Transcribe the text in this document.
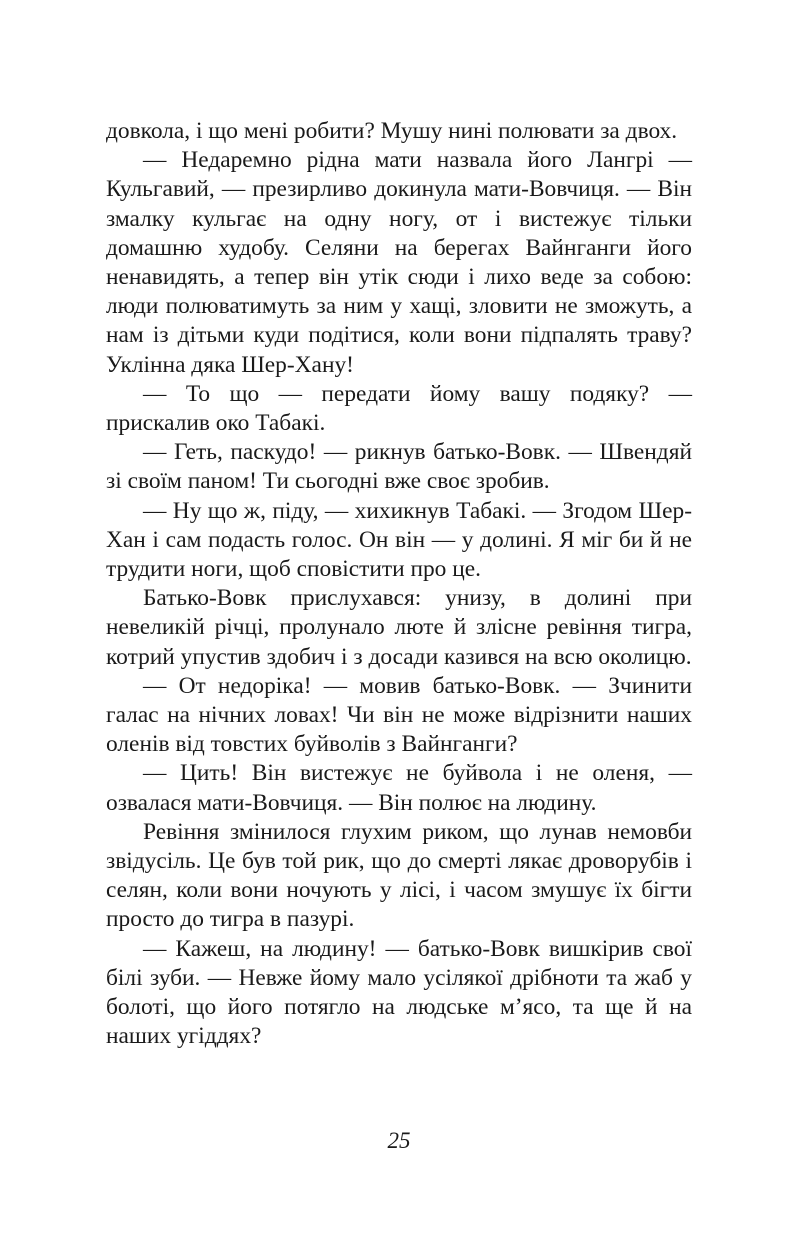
довкола, і що мені робити? Мушу нині полювати за двох.

— Недаремно рідна мати назвала його Лангрі — Кульгавий, — презирливо докинула мати-Вовчиця. — Він змалку кульгає на одну ногу, от і вистежує тільки домашню худобу. Селяни на берегах Вайнганги його ненавидять, а тепер він утік сюди і лихо веде за собою: люди полюватимуть за ним у хащі, зловити не зможуть, а нам із дітьми куди подітися, коли вони підпалять траву? Уклінна дяка Шер-Хану!

— То що — передати йому вашу подяку? — прискалив око Табакі.

— Геть, паскудо! — рикнув батько-Вовк. — Швендяй зі своїм паном! Ти сьогодні вже своє зробив.

— Ну що ж, піду, — хихикнув Табакі. — Згодом Шер-Хан і сам подасть голос. Он він — у долині. Я міг би й не трудити ноги, щоб сповістити про це.

Батько-Вовк прислухався: унизу, в долині при невеликій річці, пролунало люте й злісне ревіння тигра, котрий упустив здобич і з досади казився на всю околицю.

— От недоріка! — мовив батько-Вовк. — Зчинити галас на нічних ловах! Чи він не може відрізнити наших оленів від товстих буйволів з Вайнганги?

— Цить! Він вистежує не буйвола і не оленя, — озвалася мати-Вовчиця. — Він полює на людину.

Ревіння змінилося глухим риком, що лунав немовби звідусіль. Це був той рик, що до смерті лякає дроворубів і селян, коли вони ночують у лісі, і часом змушує їх бігти просто до тигра в пазурі.

— Кажеш, на людину! — батько-Вовк вишкірив свої білі зуби. — Невже йому мало усілякої дрібноти та жаб у болоті, що його потягло на людське м’ясо, та ще й на наших угіддях?

25
